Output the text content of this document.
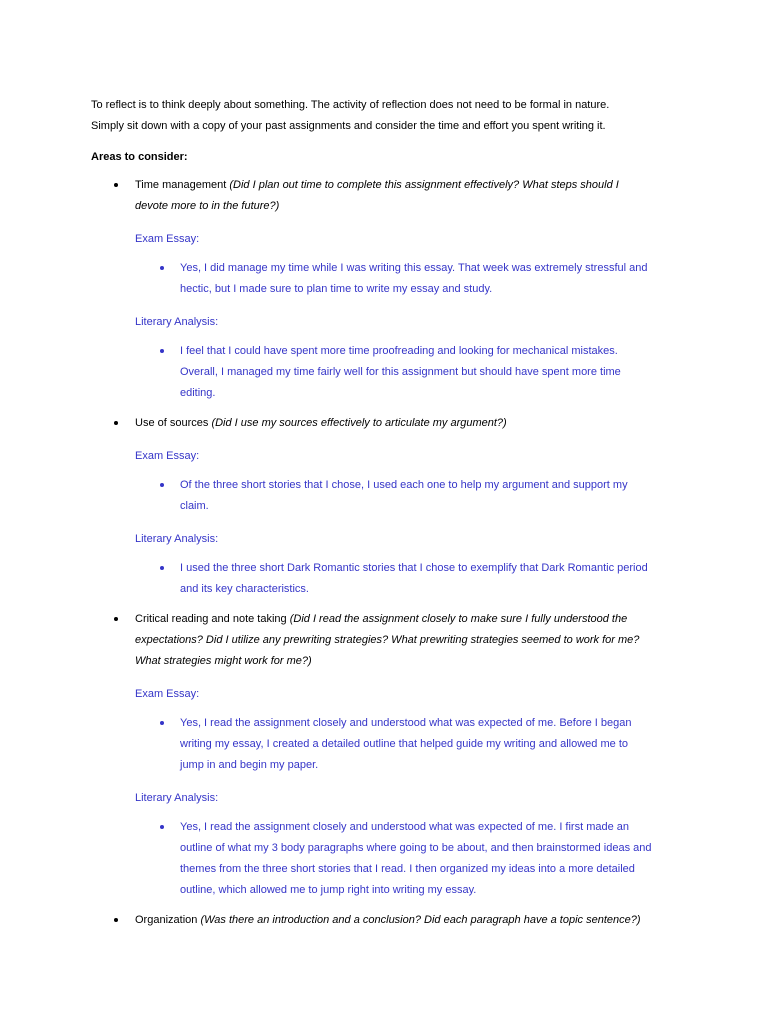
To reflect is to think deeply about something. The activity of reflection does not need to be formal in nature.
Simply sit down with a copy of your past assignments and consider the time and effort you spent writing it.
Areas to consider:
Time management (Did I plan out time to complete this assignment effectively? What steps should I
devote more to in the future?)
Exam Essay:
Yes, I did manage my time while I was writing this essay. That week was extremely stressful and
hectic, but I made sure to plan time to write my essay and study.
Literary Analysis:
I feel that I could have spent more time proofreading and looking for mechanical mistakes.
Overall, I managed my time fairly well for this assignment but should have spent more time
editing.
Use of sources (Did I use my sources effectively to articulate my argument?)
Exam Essay:
Of the three short stories that I chose, I used each one to help my argument and support my
claim.
Literary Analysis:
I used the three short Dark Romantic stories that I chose to exemplify that Dark Romantic period
and its key characteristics.
Critical reading and note taking (Did I read the assignment closely to make sure I fully understood the
expectations? Did I utilize any prewriting strategies? What prewriting strategies seemed to work for me?
What strategies might work for me?)
Exam Essay:
Yes, I read the assignment closely and understood what was expected of me. Before I began
writing my essay, I created a detailed outline that helped guide my writing and allowed me to
jump in and begin my paper.
Literary Analysis:
Yes, I read the assignment closely and understood what was expected of me. I first made an
outline of what my 3 body paragraphs where going to be about, and then brainstormed ideas and
themes from the three short stories that I read. I then organized my ideas into a more detailed
outline, which allowed me to jump right into writing my essay.
Organization (Was there an introduction and a conclusion? Did each paragraph have a topic sentence?)
